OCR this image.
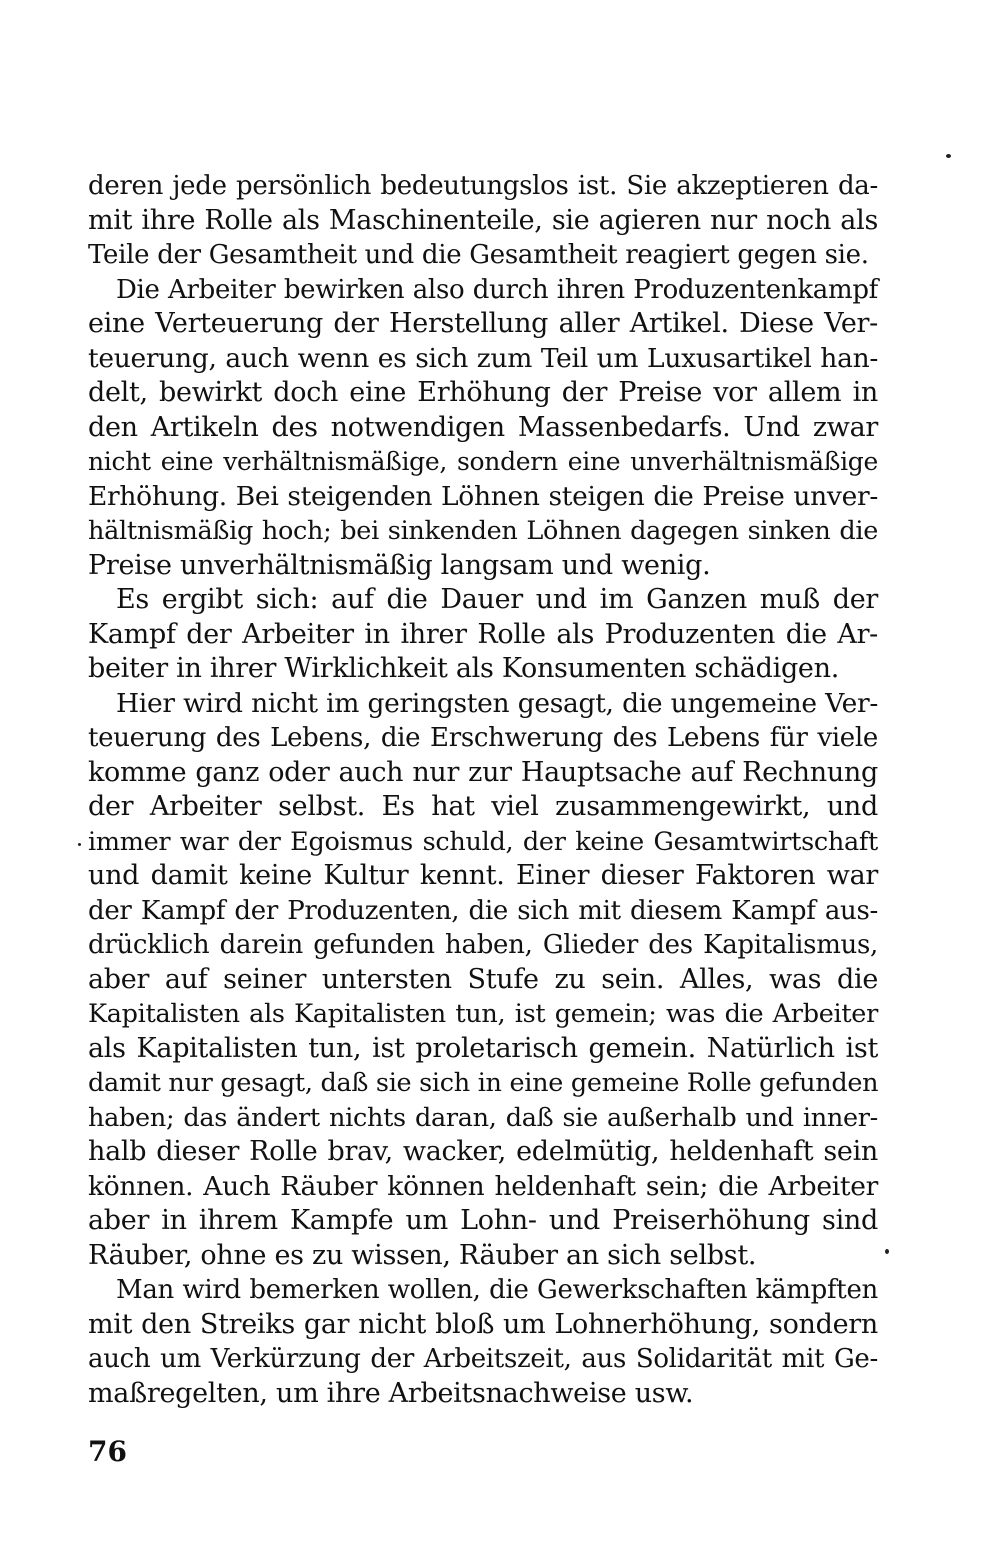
deren jede persönlich bedeutungslos ist. Sie akzeptieren da-
mit ihre Rolle als Maschinenteile, sie agieren nur noch als
Teile der Gesamtheit und die Gesamtheit reagiert gegen sie.
Die Arbeiter bewirken also durch ihren Produzentenkampf
eine Verteuerung der Herstellung aller Artikel. Diese Ver-
teuerung, auch wenn es sich zum Teil um Luxusartikel han-
delt, bewirkt doch eine Erhöhung der Preise vor allem in
den Artikeln des notwendigen Massenbedarfs. Und zwar
nicht eine verhältnismäßige, sondern eine unverhältnismäßige
Erhöhung. Bei steigenden Löhnen steigen die Preise unver-
hältnismäßig hoch; bei sinkenden Löhnen dagegen sinken die
Preise unverhältnismäßig langsam und wenig.
Es ergibt sich: auf die Dauer und im Ganzen muß der
Kampf der Arbeiter in ihrer Rolle als Produzenten die Ar-
beiter in ihrer Wirklichkeit als Konsumenten schädigen.
Hier wird nicht im geringsten gesagt, die ungemeine Ver-
teuerung des Lebens, die Erschwerung des Lebens für viele
komme ganz oder auch nur zur Hauptsache auf Rechnung
der Arbeiter selbst. Es hat viel zusammengewirkt, und
immer war der Egoismus schuld, der keine Gesamtwirtschaft
und damit keine Kultur kennt. Einer dieser Faktoren war
der Kampf der Produzenten, die sich mit diesem Kampf aus-
drücklich darein gefunden haben, Glieder des Kapitalismus,
aber auf seiner untersten Stufe zu sein. Alles, was die
Kapitalisten als Kapitalisten tun, ist gemein; was die Arbeiter
als Kapitalisten tun, ist proletarisch gemein. Natürlich ist
damit nur gesagt, daß sie sich in eine gemeine Rolle gefunden
haben; das ändert nichts daran, daß sie außerhalb und inner-
halb dieser Rolle brav, wacker, edelmütig, heldenhaft sein
können. Auch Räuber können heldenhaft sein; die Arbeiter
aber in ihrem Kampfe um Lohn- und Preiserhöhung sind
Räuber, ohne es zu wissen, Räuber an sich selbst.
Man wird bemerken wollen, die Gewerkschaften kämpften
mit den Streiks gar nicht bloß um Lohnerhöhung, sondern
auch um Verkürzung der Arbeitszeit, aus Solidarität mit Ge-
maßregelten, um ihre Arbeitsnachweise usw.
76
